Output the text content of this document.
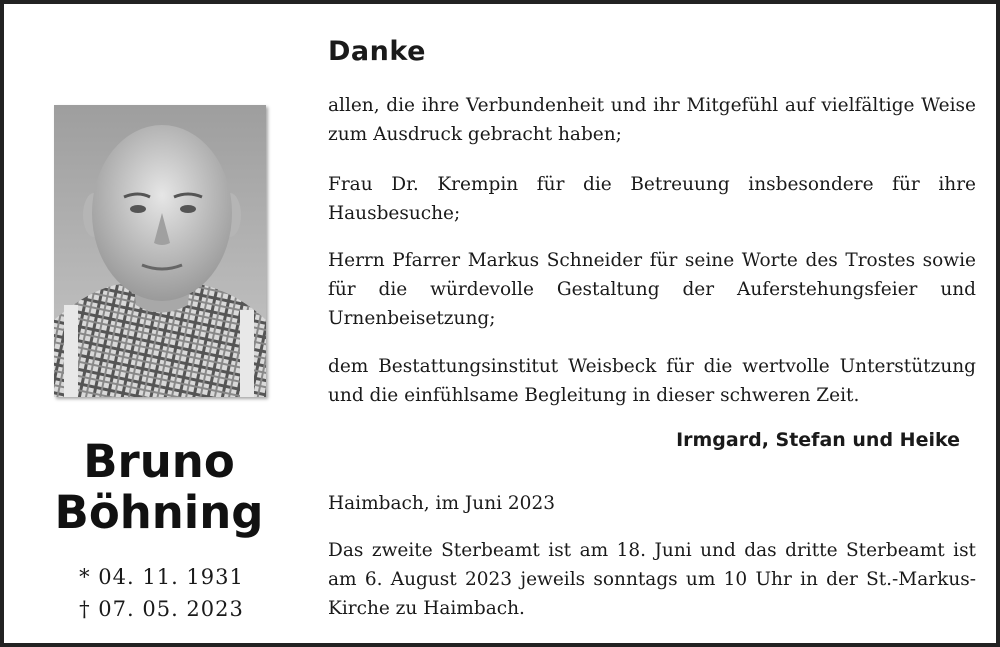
Bruno
Böhning
* 04. 11. 1931
† 07. 05. 2023
Danke

allen, die ihre Verbundenheit und ihr Mitgefühl auf vielfältige Weise zum Ausdruck gebracht haben;

Frau Dr. Krempin für die Betreuung insbesondere für ihre Hausbesuche;

Herrn Pfarrer Markus Schneider für seine Worte des Trostes sowie für die würdevolle Gestaltung der Auferstehungsfeier und Urnenbeisetzung;

dem Bestattungsinstitut Weisbeck für die wertvolle Unterstützung und die einfühlsame Begleitung in dieser schweren Zeit.

Irmgard, Stefan und Heike
Haimbach, im Juni 2023

Das zweite Sterbeamt ist am 18. Juni und das dritte Sterbeamt ist am 6. August 2023 jeweils sonntags um 10 Uhr in der St.-Markus-Kirche zu Haimbach.
